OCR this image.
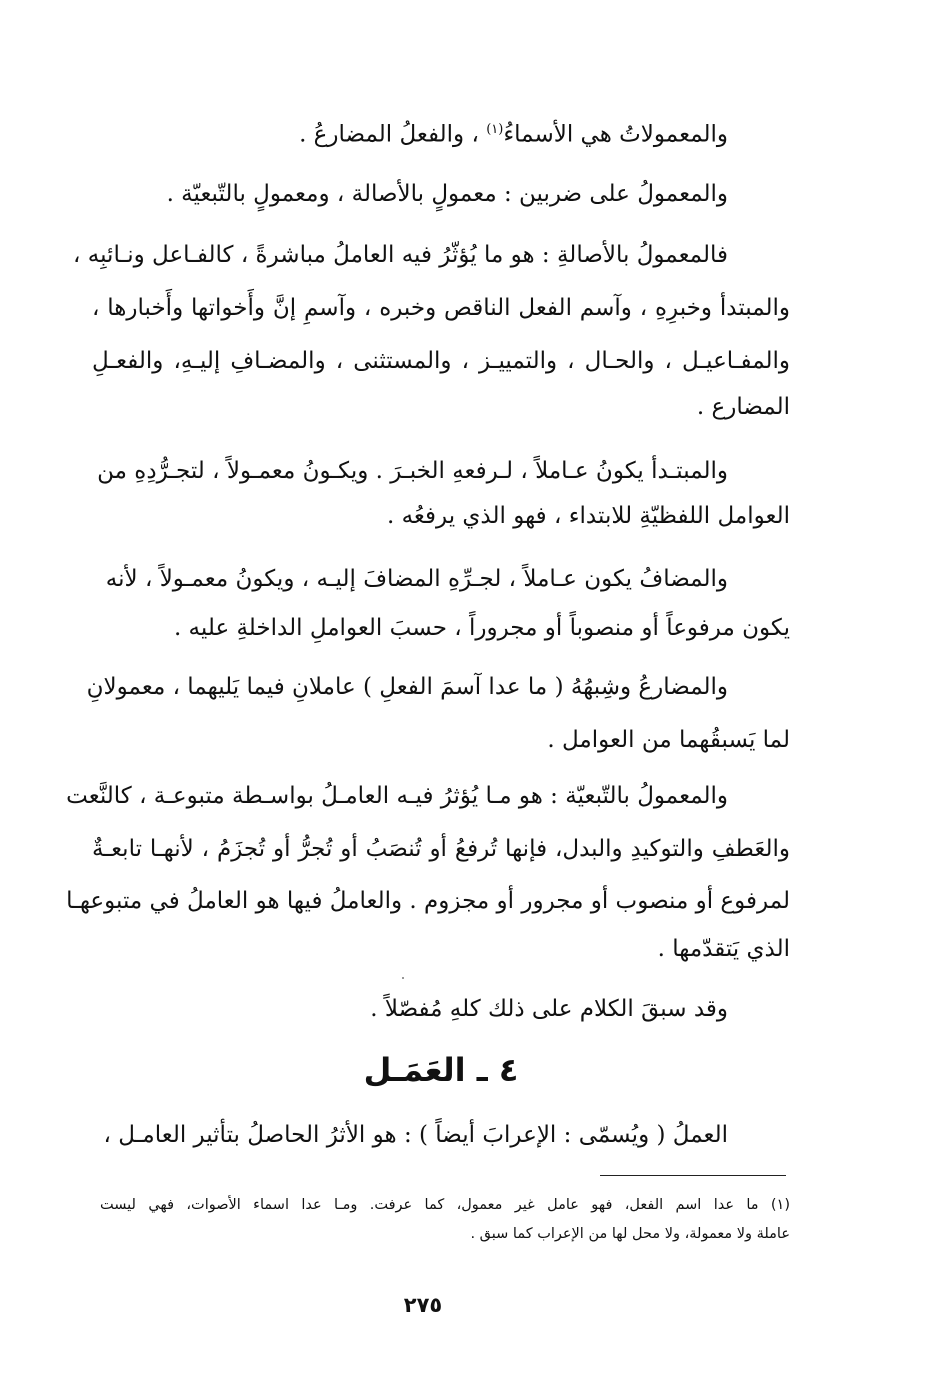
والمعمولاتُ هي الأسماءُ$^{(١)}$ ، والفعلُ المضارعُ .
والمعمولُ على ضربين : معمولٍ بالأصالة ، ومعمولٍ بالتّبعيّة .
فالمعمولُ بالأصالةِ : هو ما يُؤثّرُ فيه العاملُ مباشرةً ، كالفـاعل ونـائبِه ،
والمبتدأ وخبرِهِ ، وآسم الفعل الناقص وخبره ، وآسمِ إنَّ وأَخواتها وأَخبارها ،
والمفـاعيـل ، والحـال ، والتمييـز ، والمستثنى ، والمضـافِ إليـهِ، والفعـلِ
المضارع .
والمبتـدأ يكونُ عـاملاً ، لـرفعهِ الخبـرَ . ويكـونُ معمـولاً ، لتجـرُّدِهِ من
العوامل اللفظيّةِ للابتداء ، فهو الذي يرفعُه .
والمضافُ يكون عـاملاً ، لجـرِّهِ المضافَ إليـه ، ويكونُ معمـولاً ، لأنه
يكون مرفوعاً أو منصوباً أو مجروراً ، حسبَ العواملِ الداخلةِ عليه .
والمضارعُ وشِبهُهُ ( ما عدا آسمَ الفعلِ ) عاملانِ فيما يَليهما ، معمولانِ
لما يَسبقُهما من العوامل .
والمعمولُ بالتّبعيّة : هو مـا يُؤثرُ فيـه العامـلُ بواسـطة متبوعـة ، كالنَّعت
والعَطفِ والتوكيدِ والبدل، فإنها تُرفعُ أو تُنصَبُ أو تُجرُّ أو تُجزَمُ ، لأنهـا تابعـةٌ
لمرفوع أو منصوب أو مجرور أو مجزوم . والعاملُ فيها هو العاملُ في متبوعهـا
الذي يَتقدّمها .
وقد سبقَ الكلام على ذلك كلهِ مُفصّلاً .
العملُ ( ويُسمّى : الإعرابَ أيضاً ) : هو الأثرُ الحاصلُ بتأثير العامـل ،
٤ ـ العَمَـل
(١) ما عدا اسم الفعل، فهو عامل غير معمول، كما عرفت. ومـا عدا اسماء الأصوات، فهي ليست
عاملة ولا معمولة، ولا محل لها من الإعراب كما سبق .
٢٧٥
